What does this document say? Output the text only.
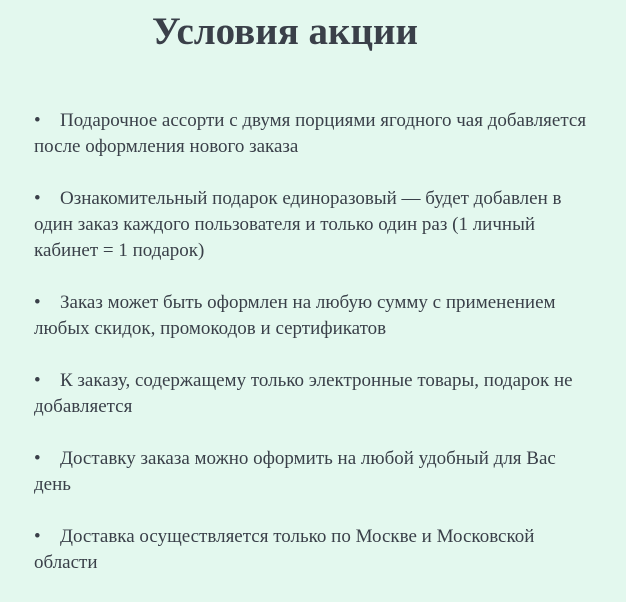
Условия акции
• Подарочное ассорти с двумя порциями ягодного чая добавляется после оформления нового заказа
• Ознакомительный подарок единоразовый — будет добавлен в один заказ каждого пользователя и только один раз (1 личный кабинет = 1 подарок)
• Заказ может быть оформлен на любую сумму с применением любых скидок, промокодов и сертификатов
• К заказу, содержащему только электронные товары, подарок не добавляется
• Доставку заказа можно оформить на любой удобный для Вас день
• Доставка осуществляется только по Москве и Московской области
